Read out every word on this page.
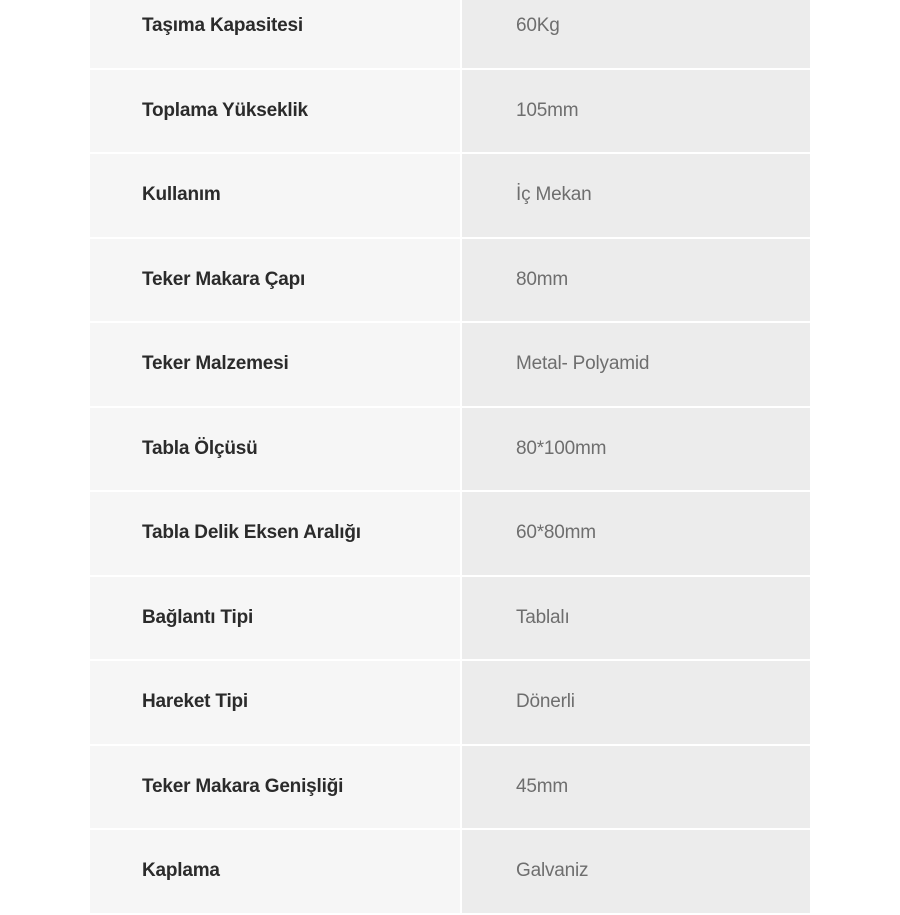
Taşıma Kapasitesi	60Kg
Toplama Yükseklik	105mm
Kullanım	İç Mekan
Teker Makara Çapı	80mm
Teker Malzemesi	Metal- Polyamid
Tabla Ölçüsü	80*100mm
Tabla Delik Eksen Aralığı	60*80mm
Bağlantı Tipi	Tablalı
Hareket Tipi	Dönerli
Teker Makara Genişliği	45mm
Kaplama	Galvaniz
